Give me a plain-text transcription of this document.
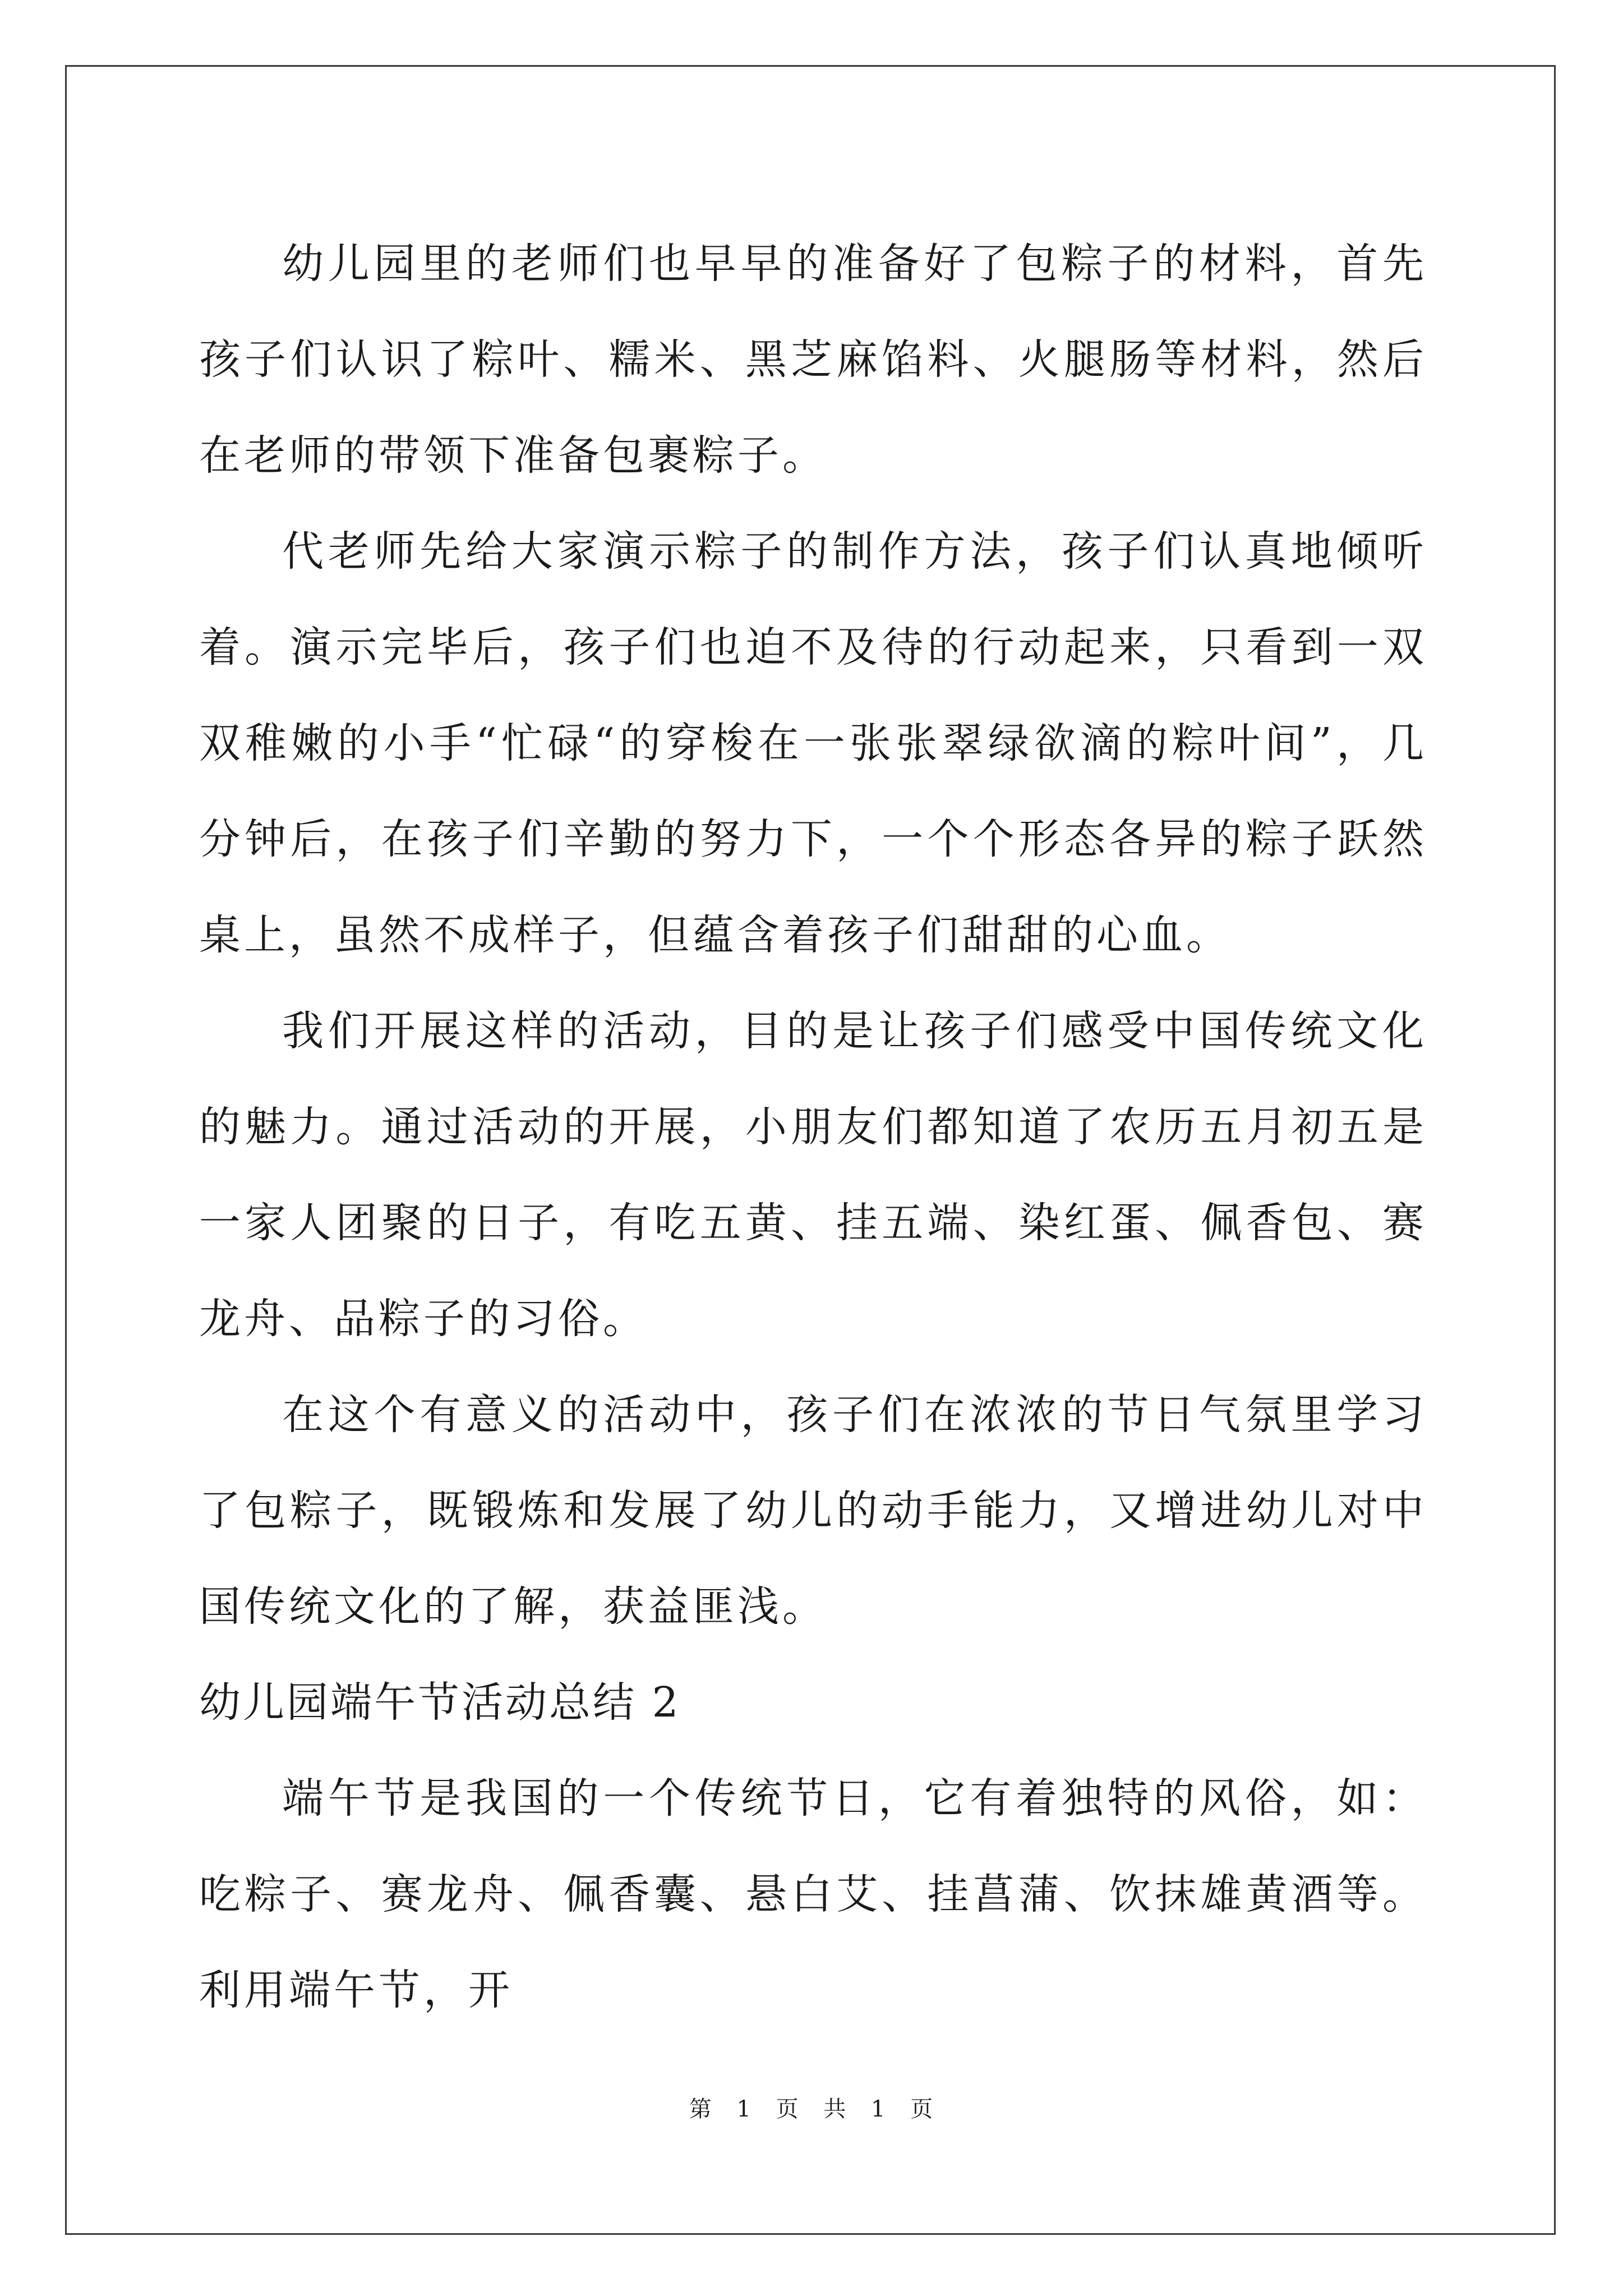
幼儿园里的老师们也早早的准备好了包粽子的材料，首先孩子们认识了粽叶、糯米、黑芝麻馅料、火腿肠等材料，然后在老师的带领下准备包裹粽子。

代老师先给大家演示粽子的制作方法，孩子们认真地倾听着。演示完毕后，孩子们也迫不及待的行动起来，只看到一双双稚嫩的小手“忙碌“的穿梭在一张张翠绿欲滴的粽叶间”，几分钟后，在孩子们辛勤的努力下，一个个形态各异的粽子跃然桌上，虽然不成样子，但蕴含着孩子们甜甜的心血。

我们开展这样的活动，目的是让孩子们感受中国传统文化的魅力。通过活动的开展，小朋友们都知道了农历五月初五是一家人团聚的日子，有吃五黄、挂五端、染红蛋、佩香包、赛龙舟、品粽子的习俗。

在这个有意义的活动中，孩子们在浓浓的节日气氛里学习了包粽子，既锻炼和发展了幼儿的动手能力，又增进幼儿对中国传统文化的了解，获益匪浅。

幼儿园端午节活动总结 2

端午节是我国的一个传统节日，它有着独特的风俗，如：吃粽子、赛龙舟、佩香囊、悬白艾、挂菖蒲、饮抹雄黄酒等。利用端午节，开

第 1 页 共 1 页
